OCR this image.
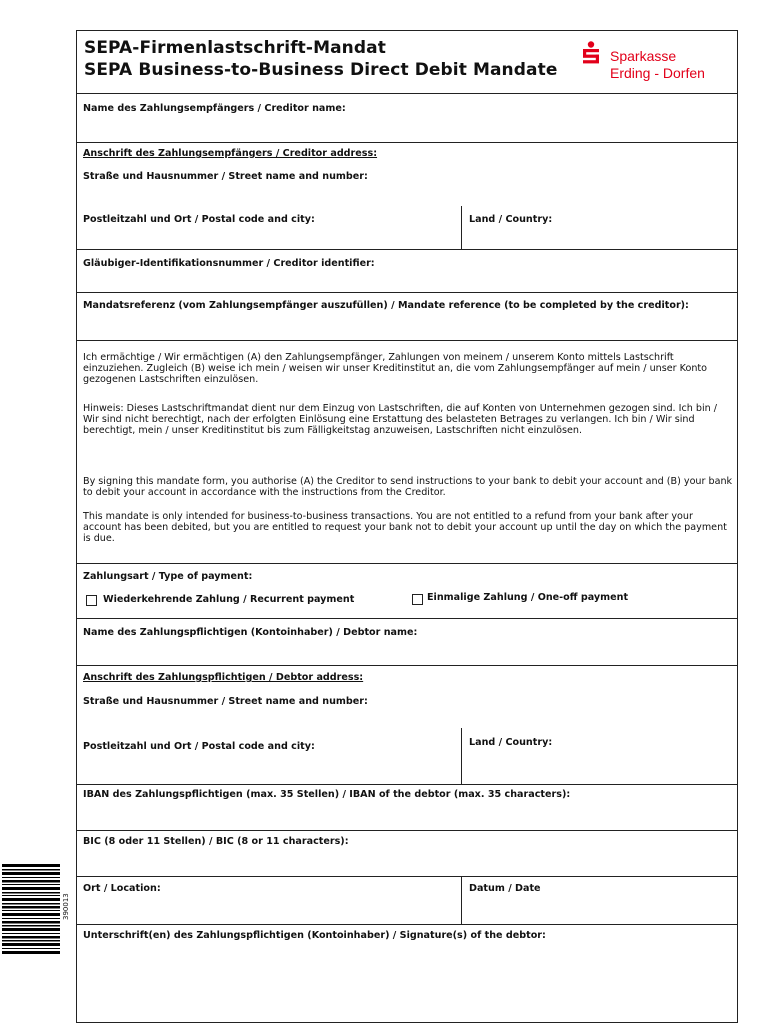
SEPA-Firmenlastschrift-Mandat
SEPA Business-to-Business Direct Debit Mandate
Sparkasse
Erding - Dorfen
Name des Zahlungsempfängers / Creditor name:
Anschrift des Zahlungsempfängers / Creditor address:
Straße und Hausnummer / Street name and number:
Postleitzahl und Ort / Postal code and city:	Land / Country:
Gläubiger-Identifikationsnummer / Creditor identifier:
Mandatsreferenz (vom Zahlungsempfänger auszufüllen) / Mandate reference (to be completed by the creditor):
Ich ermächtige / Wir ermächtigen (A) den Zahlungsempfänger, Zahlungen von meinem / unserem Konto mittels Lastschrift einzuziehen. Zugleich (B) weise ich mein / weisen wir unser Kreditinstitut an, die vom Zahlungsempfänger auf mein / unser Konto gezogenen Lastschriften einzulösen.
Hinweis: Dieses Lastschriftmandat dient nur dem Einzug von Lastschriften, die auf Konten von Unternehmen gezogen sind. Ich bin / Wir sind nicht berechtigt, nach der erfolgten Einlösung eine Erstattung des belasteten Betrages zu verlangen. Ich bin / Wir sind berechtigt, mein / unser Kreditinstitut bis zum Fälligkeitstag anzuweisen, Lastschriften nicht einzulösen.
By signing this mandate form, you authorise (A) the Creditor to send instructions to your bank to debit your account and (B) your bank to debit your account in accordance with the instructions from the Creditor.
This mandate is only intended for business-to-business transactions. You are not entitled to a refund from your bank after your account has been debited, but you are entitled to request your bank not to debit your account up until the day on which the payment is due.
Zahlungsart / Type of payment:
Wiederkehrende Zahlung / Recurrent payment	Einmalige Zahlung / One-off payment
Name des Zahlungspflichtigen (Kontoinhaber) / Debtor name:
Anschrift des Zahlungspflichtigen / Debtor address:
Straße und Hausnummer / Street name and number:
Postleitzahl und Ort / Postal code and city:	Land / Country:
IBAN des Zahlungspflichtigen (max. 35 Stellen) / IBAN of the debtor (max. 35 characters):
BIC (8 oder 11 Stellen) / BIC (8 or 11 characters):
Ort / Location:	Datum / Date
Unterschrift(en) des Zahlungspflichtigen (Kontoinhaber) / Signature(s) of the debtor:
390013
